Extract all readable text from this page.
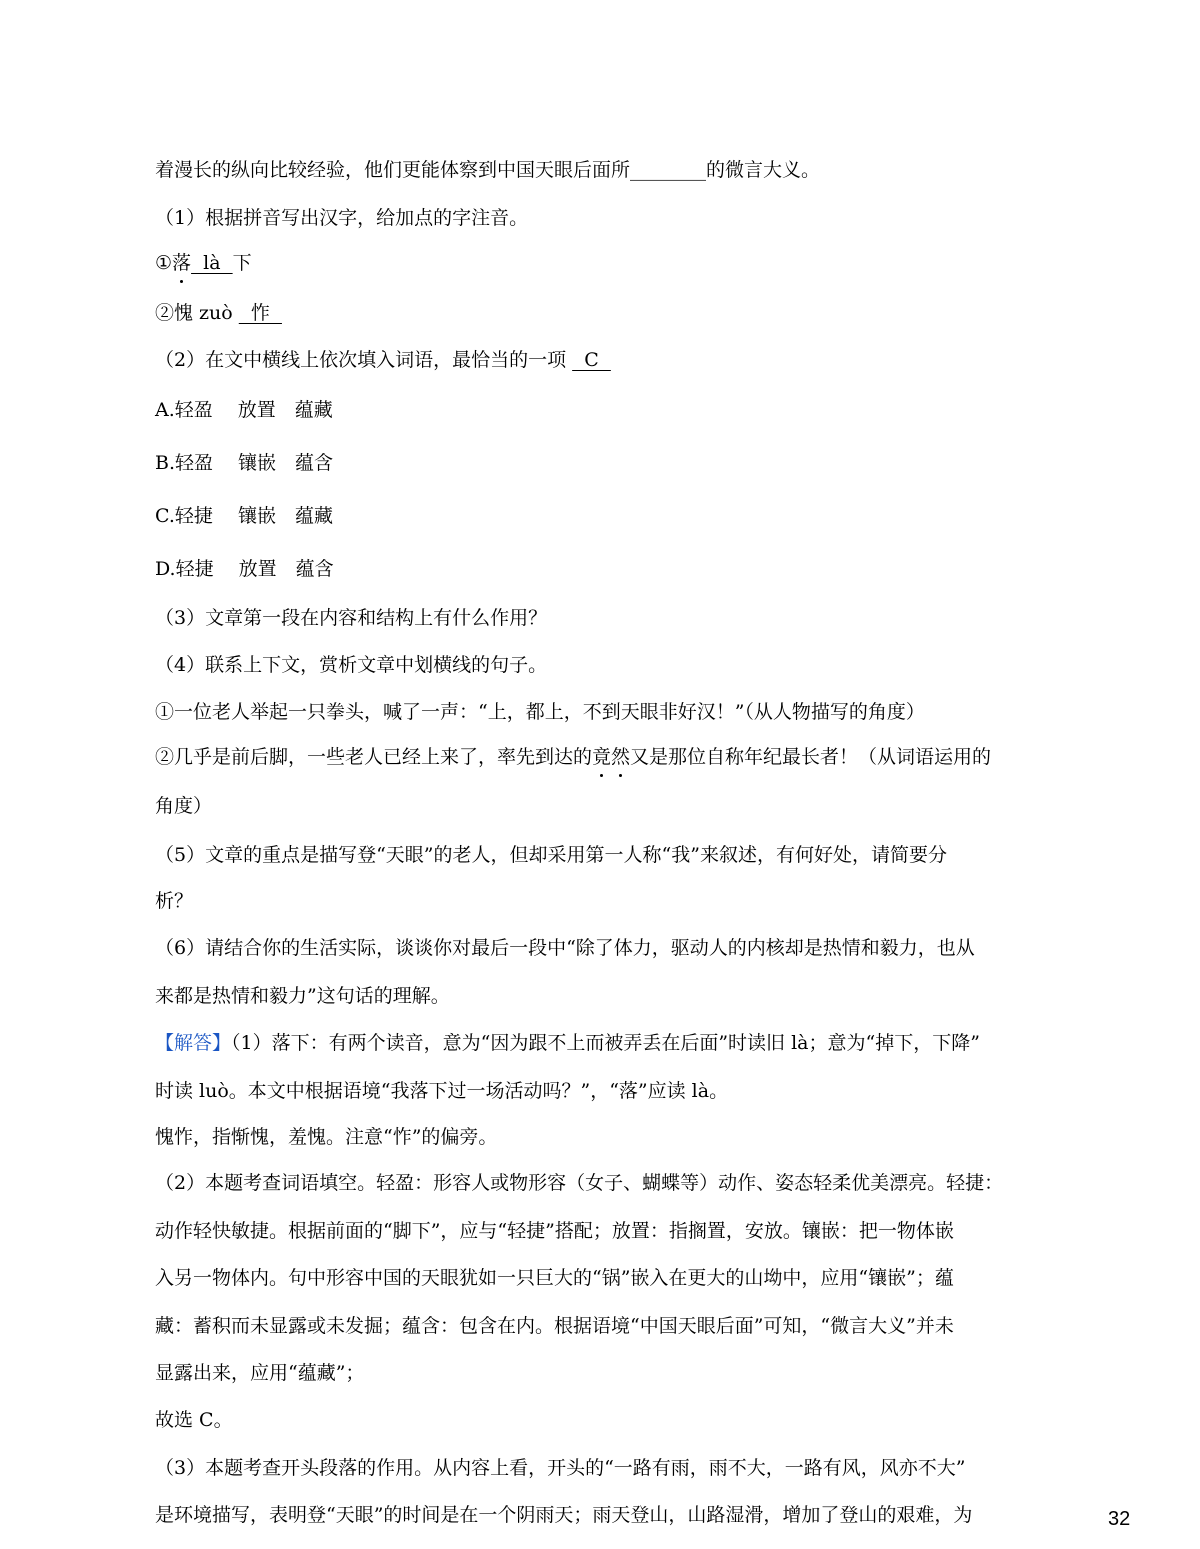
着漫长的纵向比较经验，他们更能体察到中国天眼后面所________的微言大义。
（1）根据拼音写出汉字，给加点的字注音。
①落  là  下
②愧 zuò   怍
（2）在文中横线上依次填入词语，最恰当的一项   C
A.轻盈　 放置　蕴藏
B.轻盈　 镶嵌　蕴含
C.轻捷　 镶嵌　蕴藏
D.轻捷　 放置　蕴含
（3）文章第一段在内容和结构上有什么作用？
（4）联系上下文，赏析文章中划横线的句子。
①一位老人举起一只拳头，喊了一声：“上，都上，不到天眼非好汉！”（从人物描写的角度）
②几乎是前后脚，一些老人已经上来了，率先到达的竟然又是那位自称年纪最长者！（从词语运用的
角度）
（5）文章的重点是描写登“天眼”的老人，但却采用第一人称“我”来叙述，有何好处，请简要分
析？
（6）请结合你的生活实际，谈谈你对最后一段中“除了体力，驱动人的内核却是热情和毅力，也从
来都是热情和毅力”这句话的理解。
【解答】（1）落下：有两个读音，意为“因为跟不上而被弄丢在后面”时读旧 là；意为“掉下，下降”
时读 luò。本文中根据语境“我落下过一场活动吗？”，“落”应读 là。
愧怍，指惭愧，羞愧。注意“怍”的偏旁。
（2）本题考查词语填空。轻盈：形容人或物形容（女子、蝴蝶等）动作、姿态轻柔优美漂亮。轻捷：
动作轻快敏捷。根据前面的“脚下”，应与“轻捷”搭配；放置：指搁置，安放。镶嵌：把一物体嵌
入另一物体内。句中形容中国的天眼犹如一只巨大的“锅”嵌入在更大的山坳中，应用“镶嵌”；蕴
藏：蓄积而未显露或未发掘；蕴含：包含在内。根据语境“中国天眼后面”可知，“微言大义”并未
显露出来，应用“蕴藏”；
故选 C。
（3）本题考查开头段落的作用。从内容上看，开头的“一路有雨，雨不大，一路有风，风亦不大”
是环境描写，表明登“天眼”的时间是在一个阴雨天；雨天登山，山路湿滑，增加了登山的艰难，为	32
